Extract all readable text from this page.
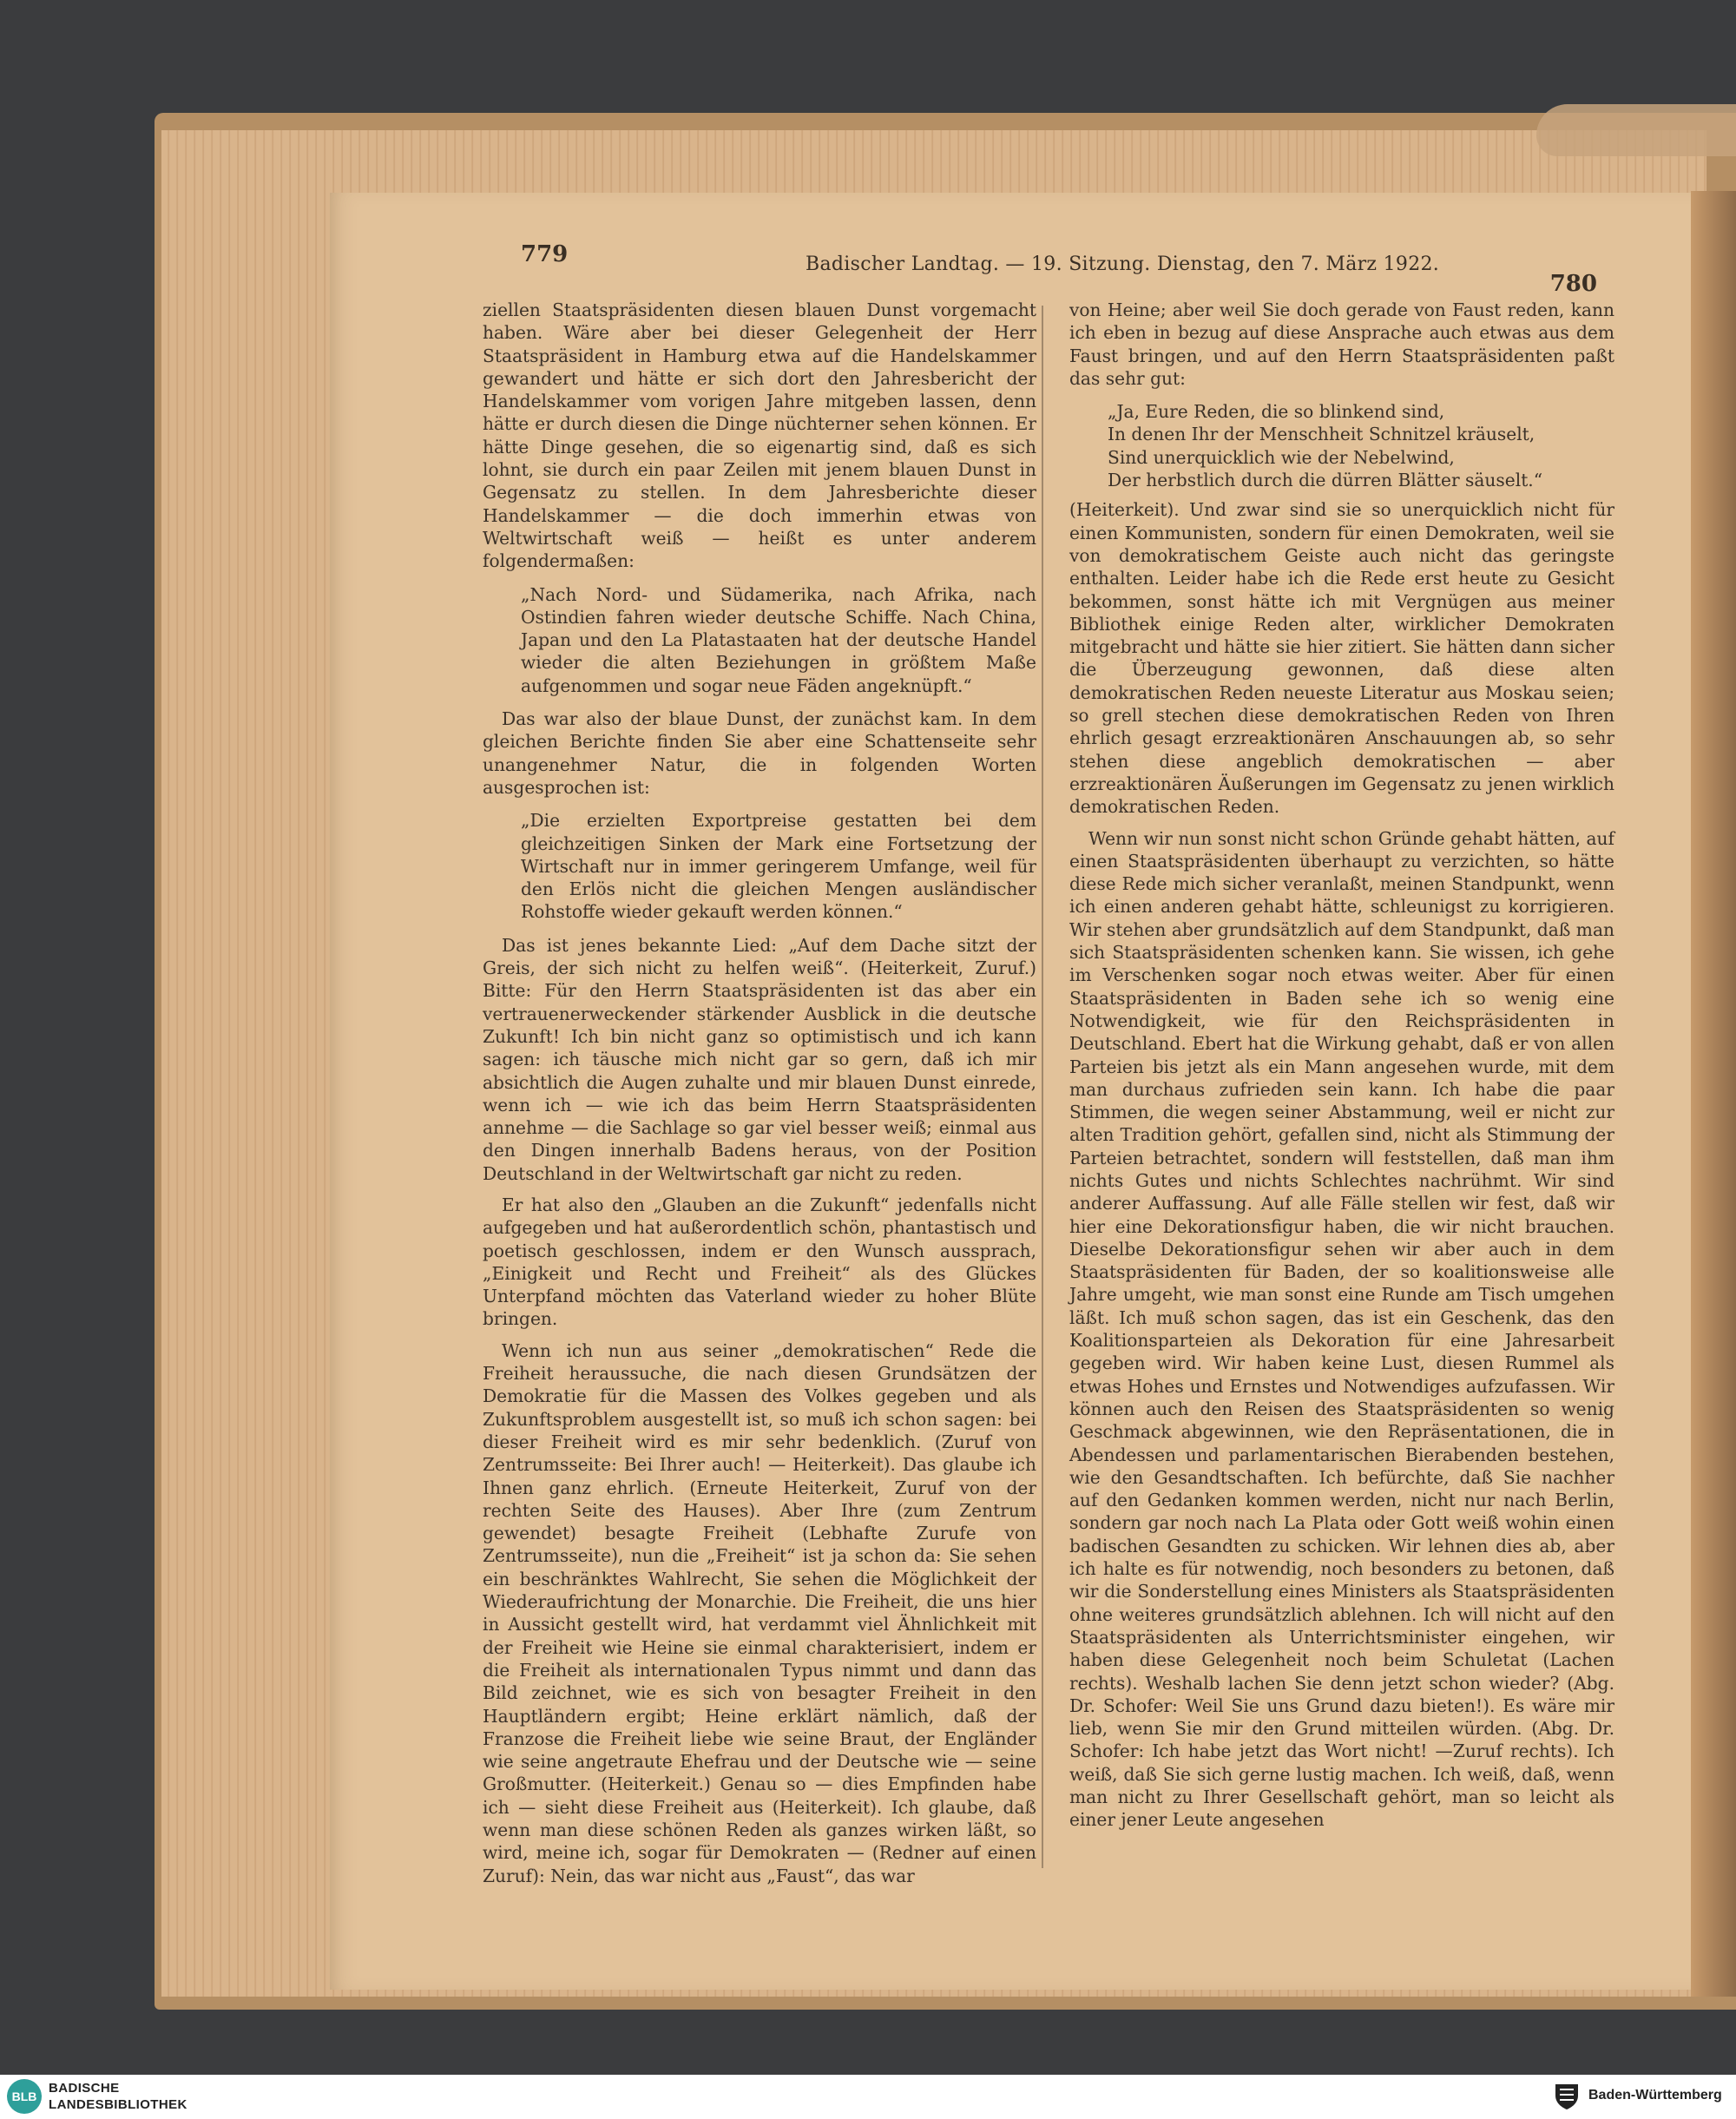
779	Badischer Landtag. — 19. Sitzung. Dienstag, den 7. März 1922.
780

ziellen Staatspräsidenten diesen blauen Dunst vorgemacht haben. Wäre aber bei dieser Gelegenheit der Herr Staatspräsident in Hamburg etwa auf die Handelskammer gewandert und hätte er sich dort den Jahresbericht der Handelskammer vom vorigen Jahre mitgeben lassen, denn hätte er durch diesen die Dinge nüchterner sehen können. Er hätte Dinge gesehen, die so eigenartig sind, daß es sich lohnt, sie durch ein paar Zeilen mit jenem blauen Dunst in Gegensatz zu stellen. In dem Jahresberichte dieser Handelskammer — die doch immerhin etwas von Weltwirtschaft weiß — heißt es unter anderem folgendermaßen:

„Nach Nord- und Südamerika, nach Afrika, nach Ostindien fahren wieder deutsche Schiffe. Nach China, Japan und den La Platastaaten hat der deutsche Handel wieder die alten Beziehungen in größtem Maße aufgenommen und sogar neue Fäden angeknüpft.“

Das war also der blaue Dunst, der zunächst kam. In dem gleichen Berichte finden Sie aber eine Schattenseite sehr unangenehmer Natur, die in folgenden Worten ausgesprochen ist:

„Die erzielten Exportpreise gestatten bei dem gleichzeitigen Sinken der Mark eine Fortsetzung der Wirtschaft nur in immer geringerem Umfange, weil für den Erlös nicht die gleichen Mengen ausländischer Rohstoffe wieder gekauft werden können.“

Das ist jenes bekannte Lied: „Auf dem Dache sitzt der Greis, der sich nicht zu helfen weiß“. (Heiterkeit, Zuruf.) Bitte: Für den Herrn Staatspräsidenten ist das aber ein vertrauenerweckender stärkender Ausblick in die deutsche Zukunft! Ich bin nicht ganz so optimistisch und ich kann sagen: ich täusche mich nicht gar so gern, daß ich mir absichtlich die Augen zuhalte und mir blauen Dunst einrede, wenn ich — wie ich das beim Herrn Staatspräsidenten annehme — die Sachlage so gar viel besser weiß; einmal aus den Dingen innerhalb Badens heraus, von der Position Deutschland in der Weltwirtschaft gar nicht zu reden.

Er hat also den „Glauben an die Zukunft“ jedenfalls nicht aufgegeben und hat außerordentlich schön, phantastisch und poetisch geschlossen, indem er den Wunsch aussprach, „Einigkeit und Recht und Freiheit“ als des Glückes Unterpfand möchten das Vaterland wieder zu hoher Blüte bringen.

Wenn ich nun aus seiner „demokratischen“ Rede die Freiheit heraussuche, die nach diesen Grundsätzen der Demokratie für die Massen des Volkes gegeben und als Zukunftsproblem ausgestellt ist, so muß ich schon sagen: bei dieser Freiheit wird es mir sehr bedenklich. (Zuruf von Zentrumsseite: Bei Ihrer auch! — Heiterkeit). Das glaube ich Ihnen ganz ehrlich. (Erneute Heiterkeit, Zuruf von der rechten Seite des Hauses). Aber Ihre (zum Zentrum gewendet) besagte Freiheit (Lebhafte Zurufe von Zentrumsseite), nun die „Freiheit“ ist ja schon da: Sie sehen ein beschränktes Wahlrecht, Sie sehen die Möglichkeit der Wiederaufrichtung der Monarchie. Die Freiheit, die uns hier in Aussicht gestellt wird, hat verdammt viel Ähnlichkeit mit der Freiheit wie Heine sie einmal charakterisiert, indem er die Freiheit als internationalen Typus nimmt und dann das Bild zeichnet, wie es sich von besagter Freiheit in den Hauptländern ergibt; Heine erklärt nämlich, daß der Franzose die Freiheit liebe wie seine Braut, der Engländer wie seine angetraute Ehefrau und der Deutsche wie — seine Großmutter. (Heiterkeit.) Genau so — dies Empfinden habe ich — sieht diese Freiheit aus (Heiterkeit). Ich glaube, daß wenn man diese schönen Reden als ganzes wirken läßt, so wird, meine ich, sogar für Demokraten — (Redner auf einen Zuruf): Nein, das war nicht aus „Faust“, das war

von Heine; aber weil Sie doch gerade von Faust reden, kann ich eben in bezug auf diese Ansprache auch etwas aus dem Faust bringen, und auf den Herrn Staatspräsidenten paßt das sehr gut:

„Ja, Eure Reden, die so blinkend sind,
In denen Ihr der Menschheit Schnitzel kräuselt,
Sind unerquicklich wie der Nebelwind,
Der herbstlich durch die dürren Blätter säuselt.“

(Heiterkeit). Und zwar sind sie so unerquicklich nicht für einen Kommunisten, sondern für einen Demokraten, weil sie von demokratischem Geiste auch nicht das geringste enthalten. Leider habe ich die Rede erst heute zu Gesicht bekommen, sonst hätte ich mit Vergnügen aus meiner Bibliothek einige Reden alter, wirklicher Demokraten mitgebracht und hätte sie hier zitiert. Sie hätten dann sicher die Überzeugung gewonnen, daß diese alten demokratischen Reden neueste Literatur aus Moskau seien; so grell stechen diese demokratischen Reden von Ihren ehrlich gesagt erzreaktionären Anschauungen ab, so sehr stehen diese angeblich demokratischen — aber erzreaktionären Äußerungen im Gegensatz zu jenen wirklich demokratischen Reden.

Wenn wir nun sonst nicht schon Gründe gehabt hätten, auf einen Staatspräsidenten überhaupt zu verzichten, so hätte diese Rede mich sicher veranlaßt, meinen Standpunkt, wenn ich einen anderen gehabt hätte, schleunigst zu korrigieren. Wir stehen aber grundsätzlich auf dem Standpunkt, daß man sich Staatspräsidenten schenken kann. Sie wissen, ich gehe im Verschenken sogar noch etwas weiter. Aber für einen Staatspräsidenten in Baden sehe ich so wenig eine Notwendigkeit, wie für den Reichspräsidenten in Deutschland. Ebert hat die Wirkung gehabt, daß er von allen Parteien bis jetzt als ein Mann angesehen wurde, mit dem man durchaus zufrieden sein kann. Ich habe die paar Stimmen, die wegen seiner Abstammung, weil er nicht zur alten Tradition gehört, gefallen sind, nicht als Stimmung der Parteien betrachtet, sondern will feststellen, daß man ihm nichts Gutes und nichts Schlechtes nachrühmt. Wir sind anderer Auffassung. Auf alle Fälle stellen wir fest, daß wir hier eine Dekorationsfigur haben, die wir nicht brauchen. Dieselbe Dekorationsfigur sehen wir aber auch in dem Staatspräsidenten für Baden, der so koalitionsweise alle Jahre umgeht, wie man sonst eine Runde am Tisch umgehen läßt. Ich muß schon sagen, das ist ein Geschenk, das den Koalitionsparteien als Dekoration für eine Jahresarbeit gegeben wird. Wir haben keine Lust, diesen Rummel als etwas Hohes und Ernstes und Notwendiges aufzufassen. Wir können auch den Reisen des Staatspräsidenten so wenig Geschmack abgewinnen, wie den Repräsentationen, die in Abendessen und parlamentarischen Bierabenden bestehen, wie den Gesandtschaften. Ich befürchte, daß Sie nachher auf den Gedanken kommen werden, nicht nur nach Berlin, sondern gar noch nach La Plata oder Gott weiß wohin einen badischen Gesandten zu schicken. Wir lehnen dies ab, aber ich halte es für notwendig, noch besonders zu betonen, daß wir die Sonderstellung eines Ministers als Staatspräsidenten ohne weiteres grundsätzlich ablehnen. Ich will nicht auf den Staatspräsidenten als Unterrichtsminister eingehen, wir haben diese Gelegenheit noch beim Schuletat (Lachen rechts). Weshalb lachen Sie denn jetzt schon wieder? (Abg. Dr. Schofer: Weil Sie uns Grund dazu bieten!). Es wäre mir lieb, wenn Sie mir den Grund mitteilen würden. (Abg. Dr. Schofer: Ich habe jetzt das Wort nicht! —Zuruf rechts). Ich weiß, daß Sie sich gerne lustig machen. Ich weiß, daß, wenn man nicht zu Ihrer Gesellschaft gehört, man so leicht als einer jener Leute angesehen

BLB
BADISCHE
LANDESBIBLIOTHEK
Baden-Württemberg
